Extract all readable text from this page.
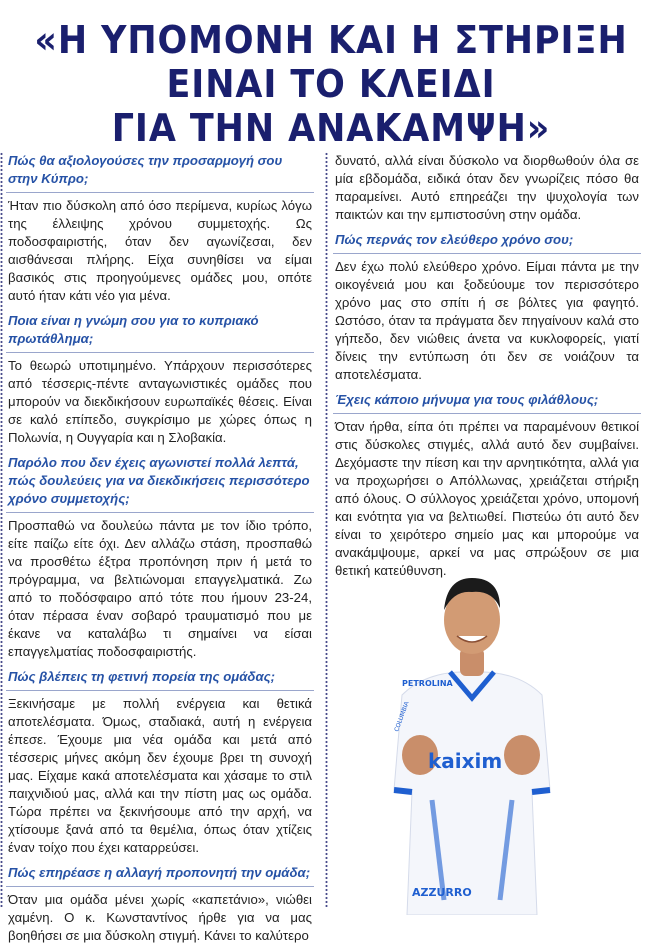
«Η ΥΠΟΜΟΝΗ ΚΑΙ Η ΣΤΗΡΙΞΗ
ΕΙΝΑΙ ΤΟ ΚΛΕΙΔΙ
ΓΙΑ ΤΗΝ ΑΝΑΚΑΜΨΗ»

Πώς θα αξιολογούσες την προσαρμογή σου στην Κύπρο;

Ήταν πιο δύσκολη από όσο περίμενα, κυρίως λόγω της έλλειψης χρόνου συμμετοχής. Ως ποδοσφαιριστής, όταν δεν αγωνίζεσαι, δεν αισθάνεσαι πλήρης. Είχα συνηθίσει να είμαι βασικός στις προηγούμενες ομάδες μου, οπότε αυτό ήταν κάτι νέο για μένα.

Ποια είναι η γνώμη σου για το κυπριακό πρωτάθλημα;

Το θεωρώ υποτιμημένο. Υπάρχουν περισσότερες από τέσσερις-πέντε ανταγωνιστικές ομάδες που μπορούν να διεκδικήσουν ευρωπαϊκές θέσεις. Είναι σε καλό επίπεδο, συγκρίσιμο με χώρες όπως η Πολωνία, η Ουγγαρία και η Σλοβακία.

Παρόλο που δεν έχεις αγωνιστεί πολλά λεπτά, πώς δουλεύεις για να διεκδικήσεις περισσότερο χρόνο συμμετοχής;

Προσπαθώ να δουλεύω πάντα με τον ίδιο τρόπο, είτε παίζω είτε όχι. Δεν αλλάζω στάση, προσπαθώ να προσθέτω έξτρα προπόνηση πριν ή μετά το πρόγραμμα, να βελτιώνομαι επαγγελματικά. Ζω από το ποδόσφαιρο από τότε που ήμουν 23-24, όταν πέρασα έναν σοβαρό τραυματισμό που με έκανε να καταλάβω τι σημαίνει να είσαι επαγγελματίας ποδοσφαιριστής.

Πώς βλέπεις τη φετινή πορεία της ομάδας;

Ξεκινήσαμε με πολλή ενέργεια και θετικά αποτελέσματα. Όμως, σταδιακά, αυτή η ενέργεια έπεσε. Έχουμε μια νέα ομάδα και μετά από τέσσερις μήνες ακόμη δεν έχουμε βρει τη συνοχή μας. Είχαμε κακά αποτελέσματα και χάσαμε το στιλ παιχνιδιού μας, αλλά και την πίστη μας ως ομάδα. Τώρα πρέπει να ξεκινήσουμε από την αρχή, να χτίσουμε ξανά από τα θεμέλια, όπως όταν χτίζεις έναν τοίχο που έχει καταρρεύσει.

Πώς επηρέασε η αλλαγή προπονητή την ομάδα;

Όταν μια ομάδα μένει χωρίς «καπετάνιο», νιώθει χαμένη. Ο κ. Κωνσταντίνος ήρθε για να μας βοηθήσει σε μια δύσκολη στιγμή. Κάνει το καλύτερο

δυνατό, αλλά είναι δύσκολο να διορθωθούν όλα σε μία εβδομάδα, ειδικά όταν δεν γνωρίζεις πόσο θα παραμείνει. Αυτό επηρεάζει την ψυχολογία των παικτών και την εμπιστοσύνη στην ομάδα.

Πώς περνάς τον ελεύθερο χρόνο σου;

Δεν έχω πολύ ελεύθερο χρόνο. Είμαι πάντα με την οικογένειά μου και ξοδεύουμε τον περισσότερο χρόνο μας στο σπίτι ή σε βόλτες για φαγητό. Ωστόσο, όταν τα πράγματα δεν πηγαίνουν καλά στο γήπεδο, δεν νιώθεις άνετα να κυκλοφορείς, γιατί δίνεις την εντύπωση ότι δεν σε νοιάζουν τα αποτελέσματα.

Έχεις κάποιο μήνυμα για τους φιλάθλους;

Όταν ήρθα, είπα ότι πρέπει να παραμένουν θετικοί στις δύσκολες στιγμές, αλλά αυτό δεν συμβαίνει. Δεχόμαστε την πίεση και την αρνητικότητα, αλλά για να προχωρήσει ο Απόλλωνας, χρειάζεται στήριξη από όλους. Ο σύλλογος χρειάζεται χρόνο, υπομονή και ενότητα για να βελτιωθεί. Πιστεύω ότι αυτό δεν είναι το χειρότερο σημείο μας και μπορούμε να ανακάμψουμε, αρκεί να μας σπρώξουν σε μια θετική κατεύθυνση.

PETROLINA
kaixim
AZZURRO
COLUMBIA
